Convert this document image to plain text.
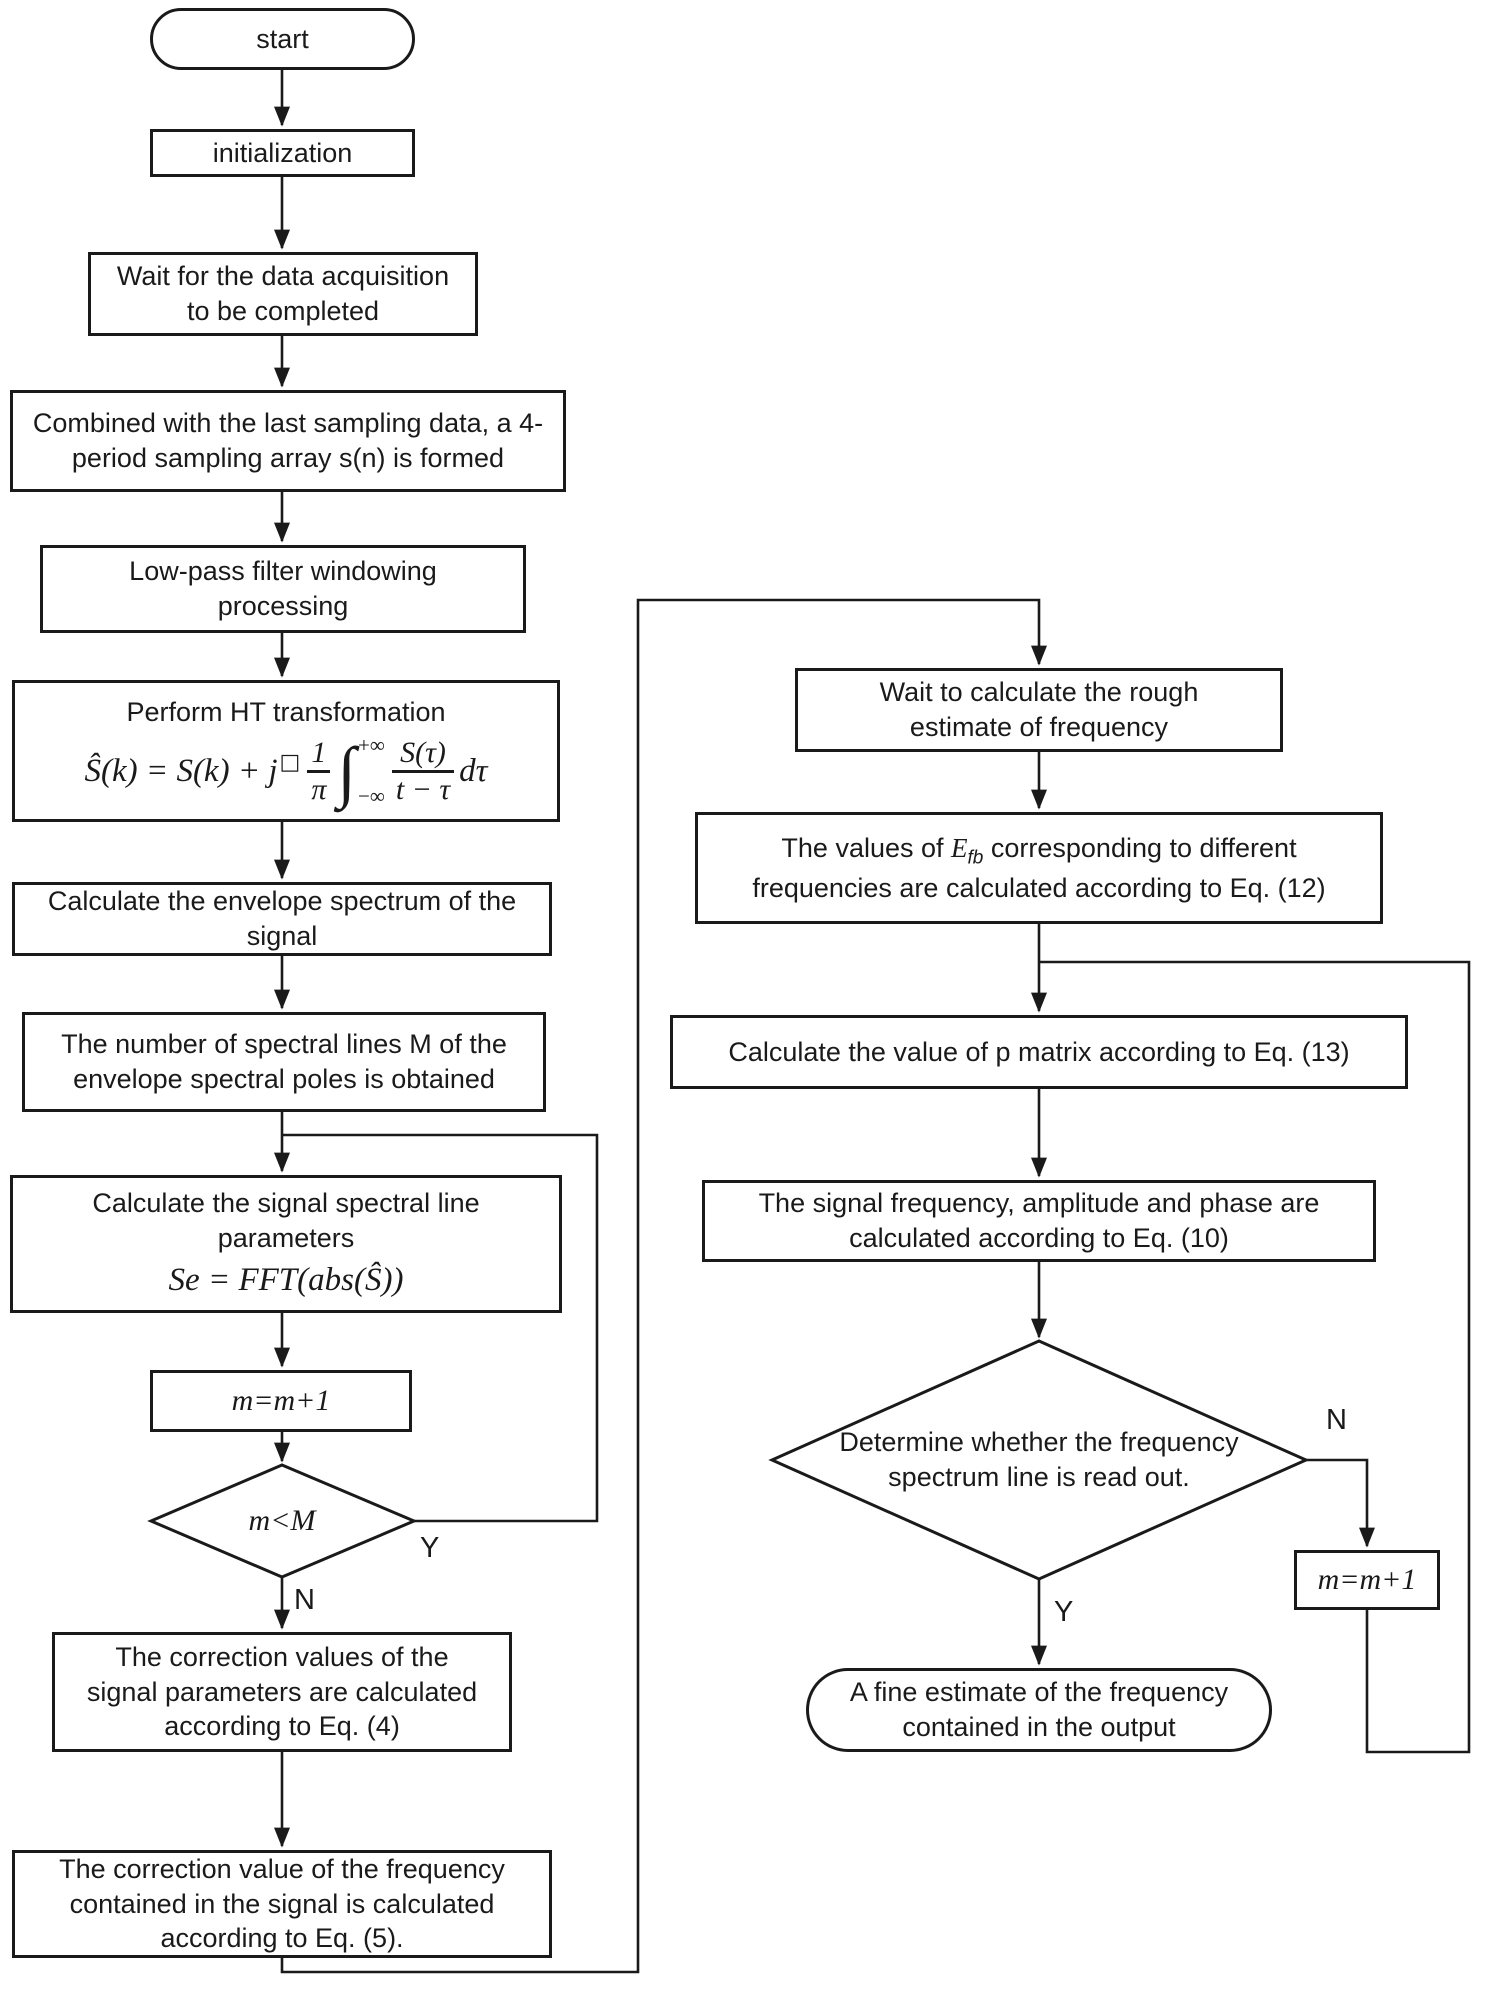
start
initialization
Wait for the data acquisition to be completed
Combined with the last sampling data, a 4-period sampling array s(n) is formed
Low-pass filter windowing processing
Perform HT transformation
Ŝ(k) = S(k) + j □ $\frac{1}{\pi}$ ∫ +∞
−∞ $\frac{S(\tau)}{t - \tau}$ dτ
Calculate the envelope spectrum of the signal
The number of spectral lines M of the envelope spectral poles is obtained
Calculate the signal spectral line parameters
Se = FFT(abs(Ŝ))
m=m+1
m<M
Y
N
The correction values of the signal parameters are calculated according to Eq. (4)
The correction value of the frequency contained in the signal is calculated according to Eq. (5).
Wait to calculate the rough estimate of frequency
The values of $E_{fb}$ corresponding to different frequencies are calculated according to Eq. (12)
Calculate the value of p matrix according to Eq. (13)
The signal frequency, amplitude and phase are calculated according to Eq. (10)
Determine whether the frequency spectrum line is read out.
N
Y
m=m+1
A fine estimate of the frequency contained in the output
